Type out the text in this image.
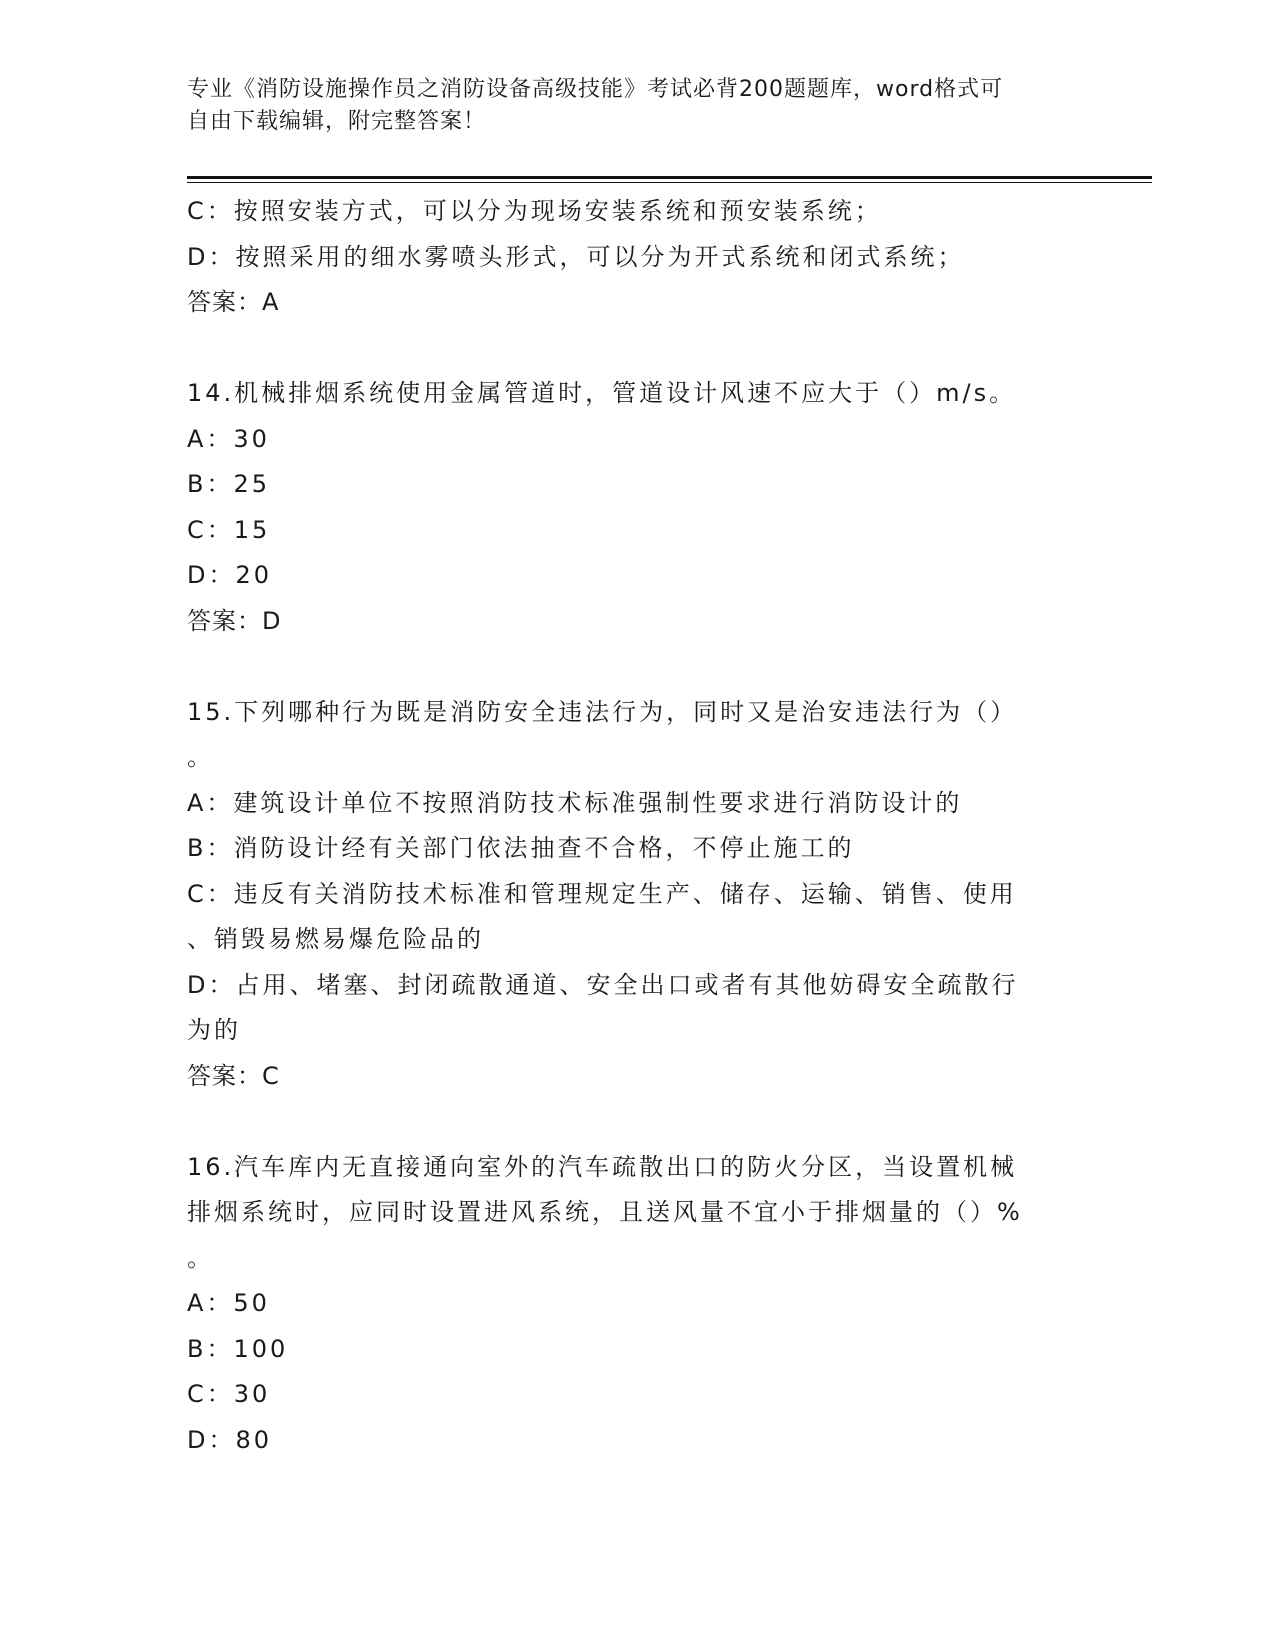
专业《消防设施操作员之消防设备高级技能》考试必背200题题库，word格式可
自由下载编辑，附完整答案！
C：按照安装方式，可以分为现场安装系统和预安装系统；
D：按照采用的细水雾喷头形式，可以分为开式系统和闭式系统；
答案：A
14.机械排烟系统使用金属管道时，管道设计风速不应大于（）m/s。
A：30
B：25
C：15
D：20
答案：D
15.下列哪种行为既是消防安全违法行为，同时又是治安违法行为（）
。
A：建筑设计单位不按照消防技术标准强制性要求进行消防设计的
B：消防设计经有关部门依法抽查不合格，不停止施工的
C：违反有关消防技术标准和管理规定生产、储存、运输、销售、使用
、销毁易燃易爆危险品的
D：占用、堵塞、封闭疏散通道、安全出口或者有其他妨碍安全疏散行
为的
答案：C
16.汽车库内无直接通向室外的汽车疏散出口的防火分区，当设置机械
排烟系统时，应同时设置进风系统，且送风量不宜小于排烟量的（）%
。
A：50
B：100
C：30
D：80
